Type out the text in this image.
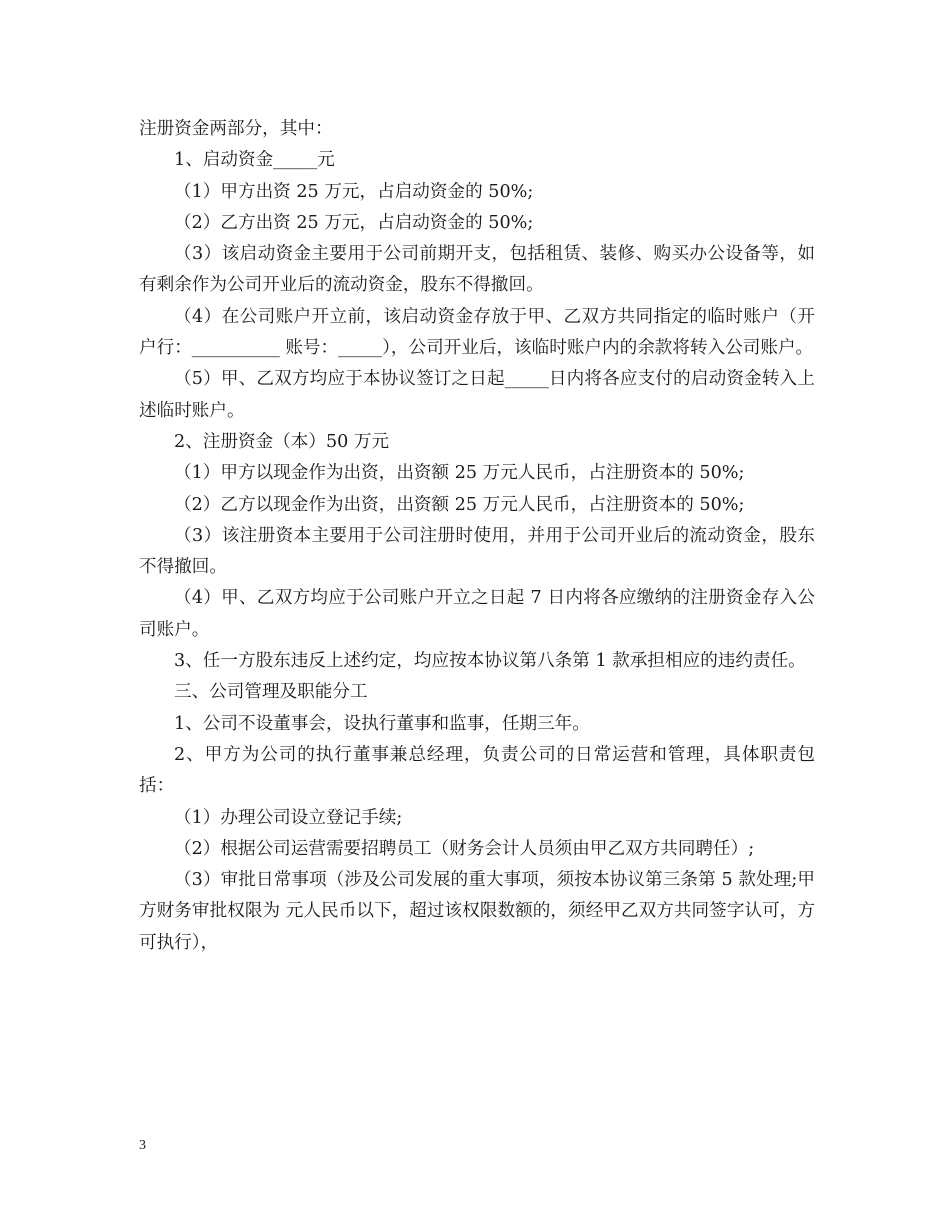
注册资金两部分，其中：

1、启动资金_____元

（1）甲方出资 25 万元，占启动资金的 50%;

（2）乙方出资 25 万元，占启动资金的 50%;

（3）该启动资金主要用于公司前期开支，包括租赁、装修、购买办公设备等，如有剩余作为公司开业后的流动资金，股东不得撤回。

（4）在公司账户开立前，该启动资金存放于甲、乙双方共同指定的临时账户（开户行：__________ 账号：_____），公司开业后，该临时账户内的余款将转入公司账户。

（5）甲、乙双方均应于本协议签订之日起_____日内将各应支付的启动资金转入上述临时账户。

2、注册资金（本）50 万元

（1）甲方以现金作为出资，出资额 25 万元人民币，占注册资本的 50%;

（2）乙方以现金作为出资，出资额 25 万元人民币，占注册资本的 50%;

（3）该注册资本主要用于公司注册时使用，并用于公司开业后的流动资金，股东不得撤回。

（4）甲、乙双方均应于公司账户开立之日起 7 日内将各应缴纳的注册资金存入公司账户。

3、任一方股东违反上述约定，均应按本协议第八条第 1 款承担相应的违约责任。

三、公司管理及职能分工

1、公司不设董事会，设执行董事和监事，任期三年。

2、甲方为公司的执行董事兼总经理，负责公司的日常运营和管理，具体职责包括：

（1）办理公司设立登记手续;

（2）根据公司运营需要招聘员工（财务会计人员须由甲乙双方共同聘任）;

（3）审批日常事项（涉及公司发展的重大事项，须按本协议第三条第 5 款处理;甲方财务审批权限为 元人民币以下，超过该权限数额的，须经甲乙双方共同签字认可，方可执行），

3
